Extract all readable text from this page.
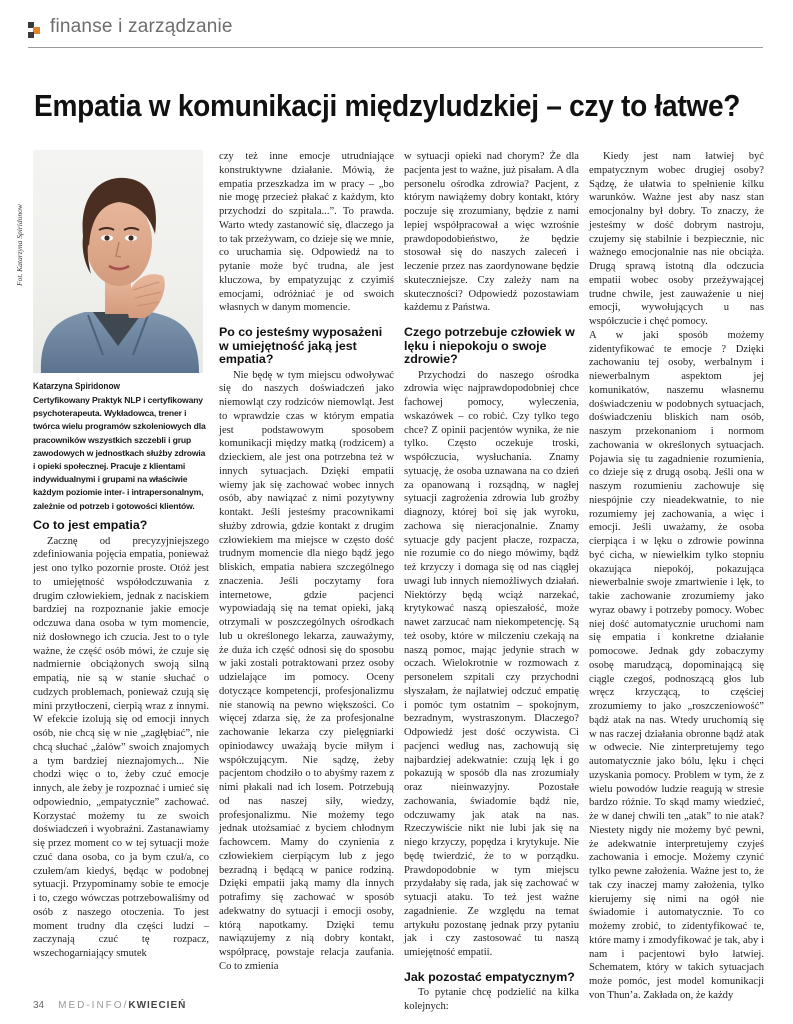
finanse i zarządzanie
Empatia w komunikacji międzyludzkiej – czy to łatwe?
Fot. Katarzyna Spiridonow

Katarzyna Spiridonow

Certyfikowany Praktyk NLP i certyfikowany psychoterapeuta. Wykładowca, trener i twórca wielu programów szkoleniowych dla pracowników wszystkich szczebli i grup zawodowych w jednostkach służby zdrowia i opieki społecznej. Pracuje z klientami indywidualnymi i grupami na właściwie każdym poziomie inter- i intrapersonalnym, zależnie od potrzeb i gotowości klientów.

Co to jest empatia?

Zacznę od precyzyjniejszego zdefiniowania pojęcia empatia, ponieważ jest ono tylko pozornie proste. Otóż jest to umiejętność współodczuwania z drugim człowiekiem, jednak z naciskiem bardziej na rozpoznanie jakie emocje odczuwa dana osoba w tym momencie, niż dosłownego ich czucia. Jest to o tyle ważne, że część osób mówi, że czuje się nadmiernie obciążonych swoją silną empatią, nie są w stanie słuchać o cudzych problemach, ponieważ czują się mini przytłoczeni, cierpią wraz z innymi. W efekcie izolują się od emocji innych osób, nie chcą się w nie „zagłębiać”, nie chcą słuchać „żalów” swoich znajomych a tym bardziej nieznajomych... Nie chodzi więc o to, żeby czuć emocje innych, ale żeby je rozpoznać i umieć się odpowiednio, „empatycznie” zachować. Korzystać możemy tu ze swoich doświadczeń i wyobraźni. Zastanawiamy się przez moment co w tej sytuacji może czuć dana osoba, co ja bym czuł/a, co czułem/am kiedyś, będąc w podobnej sytuacji. Przypominamy sobie te emocje i to, czego wówczas potrzebowaliśmy od osób z naszego otoczenia. To jest moment trudny dla części ludzi – zaczynają czuć tę rozpacz, wszechogarniający smutek

czy też inne emocje utrudniające konstruktywne działanie. Mówią, że empatia przeszkadza im w pracy – „bo nie mogę przecież płakać z każdym, kto przychodzi do szpitala...”. To prawda. Warto wtedy zastanowić się, dlaczego ja to tak przeżywam, co dzieje się we mnie, co uruchamia się. Odpowiedź na to pytanie może być trudna, ale jest kluczowa, by empatyzując z czyimiś emocjami, odróżniać je od swoich własnych w danym momencie.

Po co jesteśmy wyposażeni w umiejętność jaką jest empatia?

Nie będę w tym miejscu odwoływać się do naszych doświadczeń jako niemowląt czy rodziców niemowląt. Jest to wprawdzie czas w którym empatia jest podstawowym sposobem komunikacji między matką (rodzicem) a dzieckiem, ale jest ona potrzebna też w innych sytuacjach. Dzięki empatii wiemy jak się zachować wobec innych osób, aby nawiązać z nimi pozytywny kontakt. Jeśli jesteśmy pracownikami służby zdrowia, gdzie kontakt z drugim człowiekiem ma miejsce w często dość trudnym momencie dla niego bądź jego bliskich, empatia nabiera szczególnego znaczenia. Jeśli poczytamy fora internetowe, gdzie pacjenci wypowiadają się na temat opieki, jaką otrzymali w poszczególnych ośrodkach lub u określonego lekarza, zauważymy, że duża ich część odnosi się do sposobu w jaki zostali potraktowani przez osoby udzielające im pomocy. Oceny dotyczące kompetencji, profesjonalizmu nie stanowią na pewno większości. Co więcej zdarza się, że za profesjonalne zachowanie lekarza czy pielęgniarki opiniodawcy uważają bycie miłym i współczującym. Nie sądzę, żeby pacjentom chodziło o to abyśmy razem z nimi płakali nad ich losem. Potrzebują od nas naszej siły, wiedzy, profesjonalizmu. Nie możemy tego jednak utożsamiać z byciem chłodnym fachowcem. Mamy do czynienia z człowiekiem cierpiącym lub z jego bezradną i będącą w panice rodziną. Dzięki empatii jaką mamy dla innych potrafimy się zachować w sposób adekwatny do sytuacji i emocji osoby, którą napotkamy. Dzięki temu nawiązujemy z nią dobry kontakt, współpracę, powstaje relacja zaufania. Co to zmienia

w sytuacji opieki nad chorym? Że dla pacjenta jest to ważne, już pisałam. A dla personelu ośrodka zdrowia? Pacjent, z którym nawiążemy dobry kontakt, który poczuje się zrozumiany, będzie z nami lepiej współpracował a więc wzrośnie prawdopodobieństwo, że będzie stosował się do naszych zaleceń i leczenie przez nas zaordynowane będzie skuteczniejsze. Czy zależy nam na skuteczności? Odpowiedź pozostawiam każdemu z Państwa.

Czego potrzebuje człowiek w lęku i niepokoju o swoje zdrowie?

Przychodzi do naszego ośrodka zdrowia więc najprawdopodobniej chce fachowej pomocy, wyleczenia, wskazówek – co robić. Czy tylko tego chce? Z opinii pacjentów wynika, że nie tylko. Często oczekuje troski, współczucia, wysłuchania. Znamy sytuację, że osoba uznawana na co dzień za opanowaną i rozsądną, w nagłej sytuacji zagrożenia zdrowia lub groźby diagnozy, której boi się jak wyroku, zachowa się nieracjonalnie. Znamy sytuacje gdy pacjent płacze, rozpacza, nie rozumie co do niego mówimy, bądź też krzyczy i domaga się od nas ciągłej uwagi lub innych niemożliwych działań. Niektórzy będą wciąż narzekać, krytykować naszą opieszałość, może nawet zarzucać nam niekompetencję. Są też osoby, które w milczeniu czekają na naszą pomoc, mając jedynie strach w oczach. Wielokrotnie w rozmowach z personelem szpitali czy przychodni słyszałam, że najlatwiej odczuć empatię i pomóc tym ostatnim – spokojnym, bezradnym, wystraszonym. Dlaczego? Odpowiedź jest dość oczywista. Ci pacjenci według nas, zachowują się najbardziej adekwatnie: czują lęk i go pokazują w sposób dla nas zrozumiały oraz nieinwazyjny. Pozostałe zachowania, świadomie bądź nie, odczuwamy jak atak na nas. Rzeczywiście nikt nie lubi jak się na niego krzyczy, popędza i krytykuje. Nie będę twierdzić, że to w porządku. Prawdopodobnie w tym miejscu przydałaby się rada, jak się zachować w sytuacji ataku. To też jest ważne zagadnienie. Ze względu na temat artykułu pozostanę jednak przy pytaniu jak i czy zastosować tu naszą umiejętność empatii.

Jak pozostać empatycznym?

To pytanie chcę podzielić na kilka kolejnych:

Kiedy jest nam łatwiej być empatycznym wobec drugiej osoby? Sądzę, że ułatwia to spełnienie kilku warunków. Ważne jest aby nasz stan emocjonalny był dobry. To znaczy, że jesteśmy w dość dobrym nastroju, czujemy się stabilnie i bezpiecznie, nic ważnego emocjonalnie nas nie obciąża. Drugą sprawą istotną dla odczucia empatii wobec osoby przeżywającej trudne chwile, jest zauważenie u niej emocji, wywołujących u nas współczucie i chęć pomocy.

A w jaki sposób możemy zidentyfikować te emocje ? Dzięki zachowaniu tej osoby, werbalnym i niewerbalnym aspektom jej komunikatów, naszemu własnemu doświadczeniu w podobnych sytuacjach, doświadczeniu bliskich nam osób, naszym przekonaniom i normom zachowania w określonych sytuacjach. Pojawia się tu zagadnienie rozumienia, co dzieje się z drugą osobą. Jeśli ona w naszym rozumieniu zachowuje się niespójnie czy nieadekwatnie, to nie rozumiemy jej zachowania, a więc i emocji. Jeśli uważamy, że osoba cierpiąca i w lęku o zdrowie powinna być cicha, w niewielkim tylko stopniu okazująca niepokój, pokazująca niewerbalnie swoje zmartwienie i lęk, to takie zachowanie zrozumiemy jako wyraz obawy i potrzeby pomocy. Wobec niej dość automatycznie uruchomi nam się empatia i konkretne działanie pomocowe. Jednak gdy zobaczymy osobę marudzącą, dopominającą się ciągle czegoś, podnoszącą głos lub wręcz krzyczącą, to częściej zrozumiemy to jako „roszczeniowość” bądź atak na nas. Wtedy uruchomią się w nas raczej działania obronne bądź atak w odwecie. Nie zinterpretujemy tego automatycznie jako bólu, lęku i chęci uzyskania pomocy. Problem w tym, że z wielu powodów ludzie reagują w stresie bardzo różnie. To skąd mamy wiedzieć, że w danej chwili ten „atak” to nie atak? Niestety nigdy nie możemy być pewni, że adekwatnie interpretujemy czyjeś zachowania i emocje. Możemy czynić tylko pewne założenia. Ważne jest to, że tak czy inaczej mamy założenia, tylko kierujemy się nimi na ogół nie świadomie i automatycznie. To co możemy zrobić, to zidentyfikować te, które mamy i zmodyfikować je tak, aby i nam i pacjentowi było łatwiej. Schematem, który w takich sytuacjach może pomóc, jest model komunikacji von Thun’a. Zakłada on, że każdy

34 MED-INFO/KWIECIEŃ
